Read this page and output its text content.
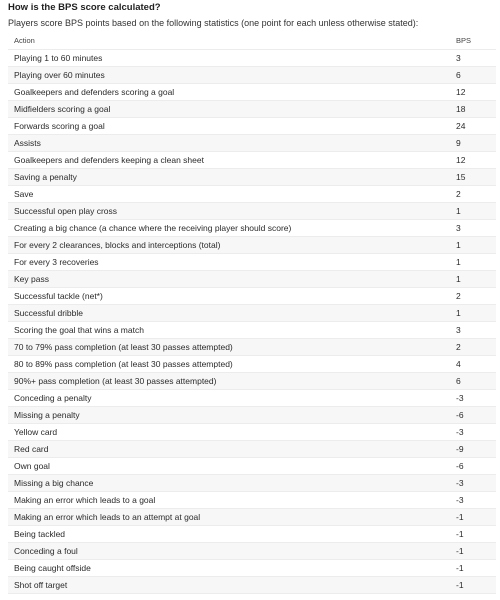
How is the BPS score calculated?
Players score BPS points based on the following statistics (one point for each unless otherwise stated):
Action	BPS
Playing 1 to 60 minutes	3
Playing over 60 minutes	6
Goalkeepers and defenders scoring a goal	12
Midfielders scoring a goal	18
Forwards scoring a goal	24
Assists	9
Goalkeepers and defenders keeping a clean sheet	12
Saving a penalty	15
Save	2
Successful open play cross	1
Creating a big chance (a chance where the receiving player should score)	3
For every 2 clearances, blocks and interceptions (total)	1
For every 3 recoveries	1
Key pass	1
Successful tackle (net*)	2
Successful dribble	1
Scoring the goal that wins a match	3
70 to 79% pass completion (at least 30 passes attempted)	2
80 to 89% pass completion (at least 30 passes attempted)	4
90%+ pass completion (at least 30 passes attempted)	6
Conceding a penalty	-3
Missing a penalty	-6
Yellow card	-3
Red card	-9
Own goal	-6
Missing a big chance	-3
Making an error which leads to a goal	-3
Making an error which leads to an attempt at goal	-1
Being tackled	-1
Conceding a foul	-1
Being caught offside	-1
Shot off target	-1
